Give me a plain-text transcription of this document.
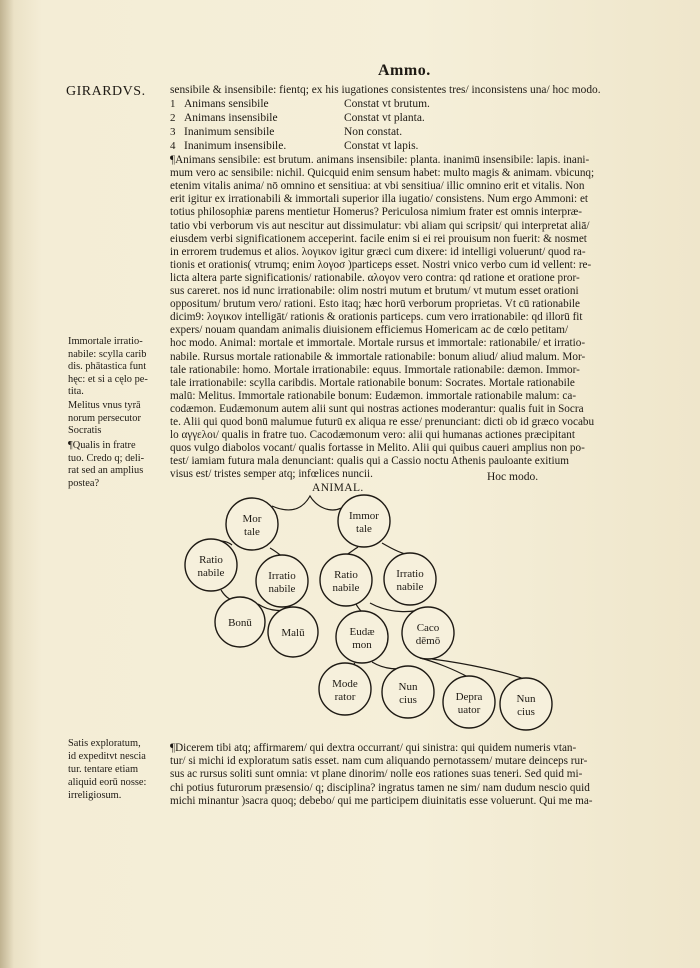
Ammo.
GIRARDVS. sensibile & insensibile: fientq; ex his iugationes consistentes tres/ inconsistens una/ hoc modo.
1 Animans sensibile	Constat vt brutum.
2 Animans insensibile	Constat vt planta.
3 Inanimum sensibile	Non constat.
4 Inanimum insensibile.	Constat vt lapis.
¶Animans sensibile: est brutum. animans insensibile: planta. inanimū insensibile: lapis. inani-
mum vero ac sensibile: nichil. Quicquid enim sensum habet: multo magis & animam. vbicunq;
etenim vitalis anima/ nō omnino et sensitiua: at vbi sensitiua/ illic omnino erit et vitalis. Non
erit igitur ex irrationabili & immortali superior illa iugatio/ consistens. Num ergo Ammoni: et
totius philosophiæ parens mentietur Homerus? Periculosa nimium frater est omnis interpræ-
tatio vbi verborum vis aut nescitur aut dissimulatur: vbi aliam qui scripsit/ qui interpretat aliā/
eiusdem verbi significationem acceperint. facile enim si ei rei prouisum non fuerit: & nosmet
in errorem trudemus et alios. λογικον igitur græci cum dixere: id intelligi voluerunt/ quod ra-
tionis et orationis( vtrumq; enim λογοσ )particeps esset. Nostri vnico verbo cum id vellent: re-
licta altera parte significationis/ rationabile. αλογον vero contra: qd ratione et oratione pror-
sus careret. nos id nunc irrationabile: olim nostri mutum et brutum/ vt mutum esset orationi
oppositum/ brutum vero/ rationi. Esto itaq; hæc horū verborum proprietas. Vt cū rationabile
dicim9: λογικον intelligāt/ rationis & orationis particeps. cum vero irrationabile: qd illorū fit
expers/ nouam quandam animalis diuisionem efficiemus Homericam ac de cœlo petitam/
hoc modo. Animal: mortale et immortale. Mortale rursus et immortale: rationabile/ et irratio-
nabile. Rursus mortale rationabile & immortale rationabile: bonum aliud/ aliud malum. Mor-
tale rationabile: homo. Mortale irrationabile: equus. Immortale rationabile: dæmon. Immor-
tale irrationabile: scylla caribdis. Mortale rationabile bonum: Socrates. Mortale rationabile
malū: Melitus. Immortale rationabile bonum: Eudæmon. immortale rationabile malum: ca-
codæmon. Eudæmonum autem alii sunt qui nostras actiones moderantur: qualis fuit in Socra
te. Alii qui quod bonū malumue futurū ex aliqua re esse/ prenunciant: dicti ob id græco vocabu
lo αγγελοι/ qualis in fratre tuo. Cacodæmonum vero: alii qui humanas actiones præcipitant
quos vulgo diabolos vocant/ qualis fortasse in Melito. Alii qui quibus caueri amplius non po-
test/ iamiam futura mala denunciant: qualis qui a Cassio noctu Athenis pauloante exitium
visus est/ tristes semper atq; infœlices nuncii.	Hoc modo.
Immortale irratio-
nabile: scylla carib
dis. phātastica funt
hęc: et si a cęlo pe-
tita.
Melitus vnus tyrā
norum persecutor
Socratis
¶Qualis in fratre
tuo. Credo q; deli-
rat sed an amplius
postea?	ANIMAL.
Mor
tale
Immor
tale
Ratio
nabile	Irratio
nabile
Ratio
nabile
Irratio
nabile
Bonū
Malū	Eudæ
mon
Caco
dēmō
Mode
rator
Nun
cius	Depra
uator
Nun
cius
Satis exploratum,
id expeditvt nescia
tur. tentare etiam
aliquid eorū nosse:
irreligiosum.
¶Dicerem tibi atq; affirmarem/ qui dextra occurrant/ qui sinistra: qui quidem numeris vtan-
tur/ si michi id exploratum satis esset. nam cum aliquando pernotassem/ mutare deinceps rur-
sus ac rursus soliti sunt omnia: vt plane dinorim/ nolle eos rationes suas teneri. Sed quid mi-
chi potius futurorum præsensio/ q; disciplina? ingratus tamen ne sim/ nam dudum nescio quid
michi minantur )sacra quoq; debebo/ qui me participem diuinitatis esse voluerunt. Qui me ma-
